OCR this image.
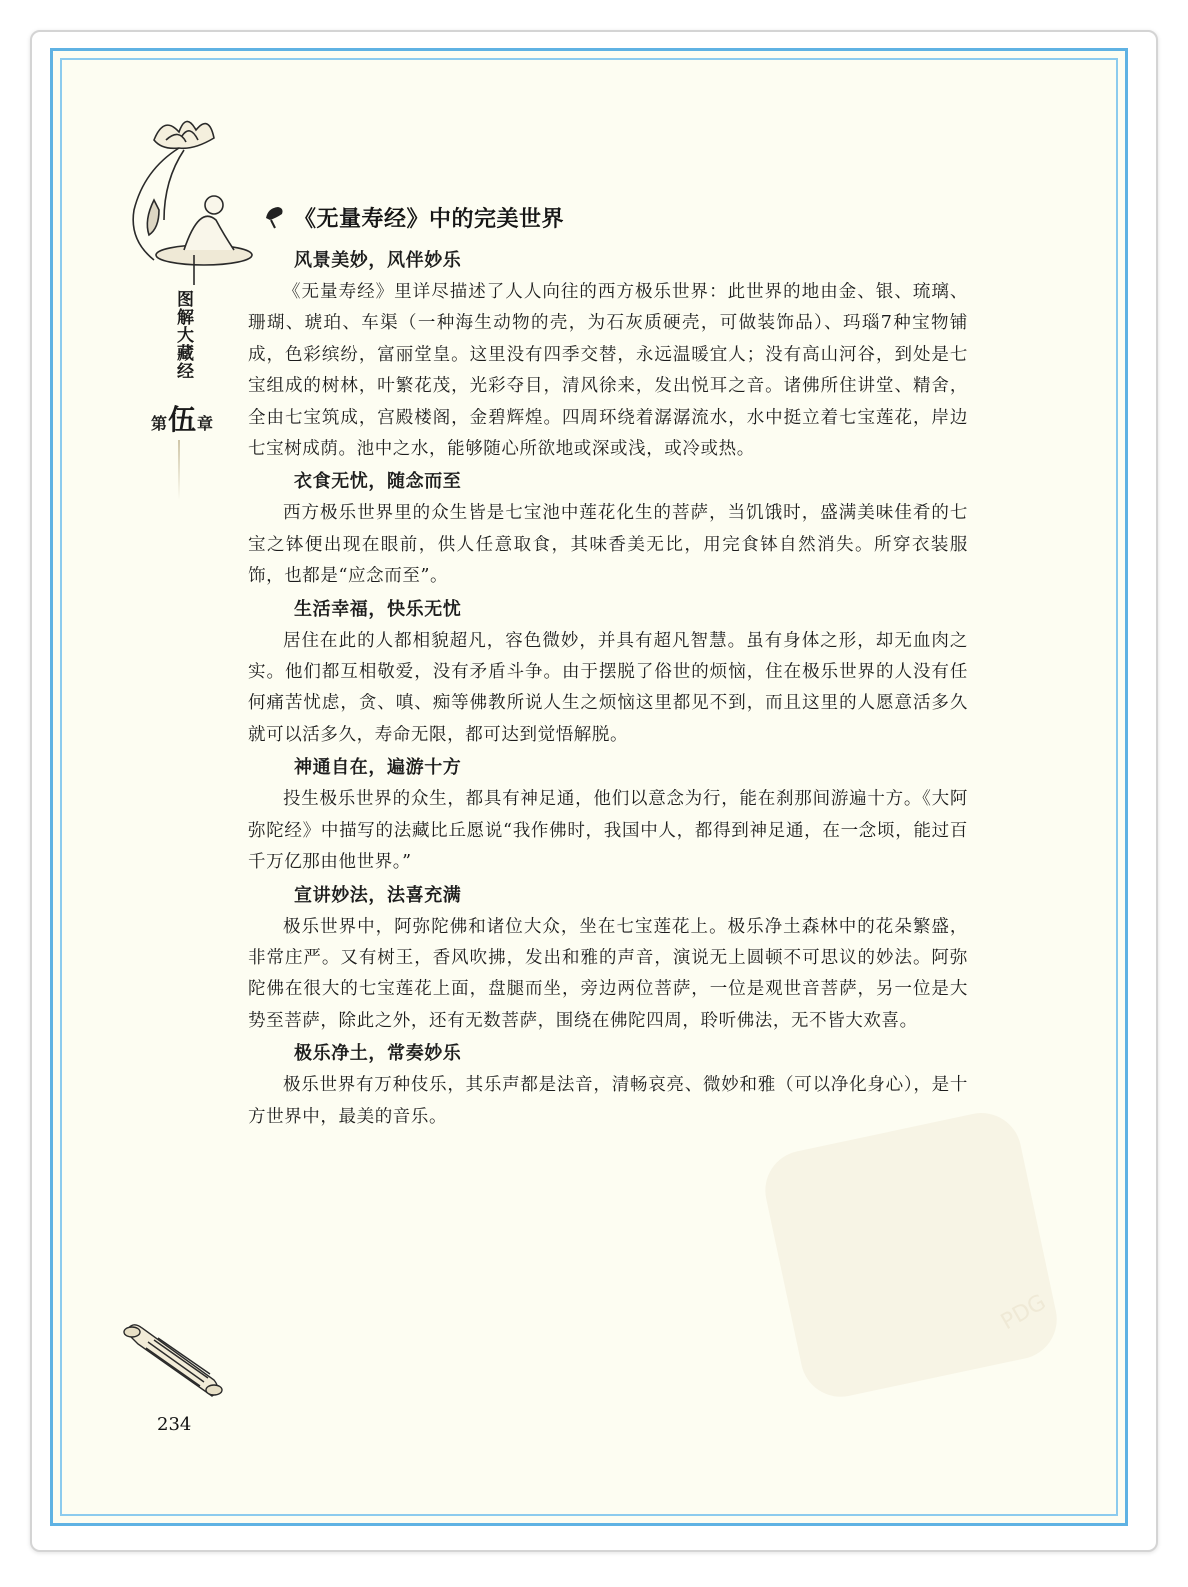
图解大藏经
第 伍 章
《无量寿经》中的完美世界
风景美妙，风伴妙乐

《无量寿经》里详尽描述了人人向往的西方极乐世界：此世界的地由金、银、琉璃、珊瑚、琥珀、车渠（一种海生动物的壳，为石灰质硬壳，可做装饰品）、玛瑙7种宝物铺成，色彩缤纷，富丽堂皇。这里没有四季交替，永远温暖宜人；没有高山河谷，到处是七宝组成的树林，叶繁花茂，光彩夺目，清风徐来，发出悦耳之音。诸佛所住讲堂、精舍，全由七宝筑成，宫殿楼阁，金碧辉煌。四周环绕着潺潺流水，水中挺立着七宝莲花，岸边七宝树成荫。池中之水，能够随心所欲地或深或浅，或冷或热。

衣食无忧，随念而至

西方极乐世界里的众生皆是七宝池中莲花化生的菩萨，当饥饿时，盛满美味佳肴的七宝之钵便出现在眼前，供人任意取食，其味香美无比，用完食钵自然消失。所穿衣装服饰，也都是“应念而至”。

生活幸福，快乐无忧

居住在此的人都相貌超凡，容色微妙，并具有超凡智慧。虽有身体之形，却无血肉之实。他们都互相敬爱，没有矛盾斗争。由于摆脱了俗世的烦恼，住在极乐世界的人没有任何痛苦忧虑，贪、嗔、痴等佛教所说人生之烦恼这里都见不到，而且这里的人愿意活多久就可以活多久，寿命无限，都可达到觉悟解脱。

神通自在，遍游十方

投生极乐世界的众生，都具有神足通，他们以意念为行，能在刹那间游遍十方。《大阿弥陀经》中描写的法藏比丘愿说“我作佛时，我国中人，都得到神足通，在一念顷，能过百千万亿那由他世界。”

宣讲妙法，法喜充满

极乐世界中，阿弥陀佛和诸位大众，坐在七宝莲花上。极乐净土森林中的花朵繁盛，非常庄严。又有树王，香风吹拂，发出和雅的声音，演说无上圆顿不可思议的妙法。阿弥陀佛在很大的七宝莲花上面，盘腿而坐，旁边两位菩萨，一位是观世音菩萨，另一位是大势至菩萨，除此之外，还有无数菩萨，围绕在佛陀四周，聆听佛法，无不皆大欢喜。

极乐净土，常奏妙乐

极乐世界有万种伎乐，其乐声都是法音，清畅哀亮、微妙和雅（可以净化身心），是十方世界中，最美的音乐。

PDG
234
